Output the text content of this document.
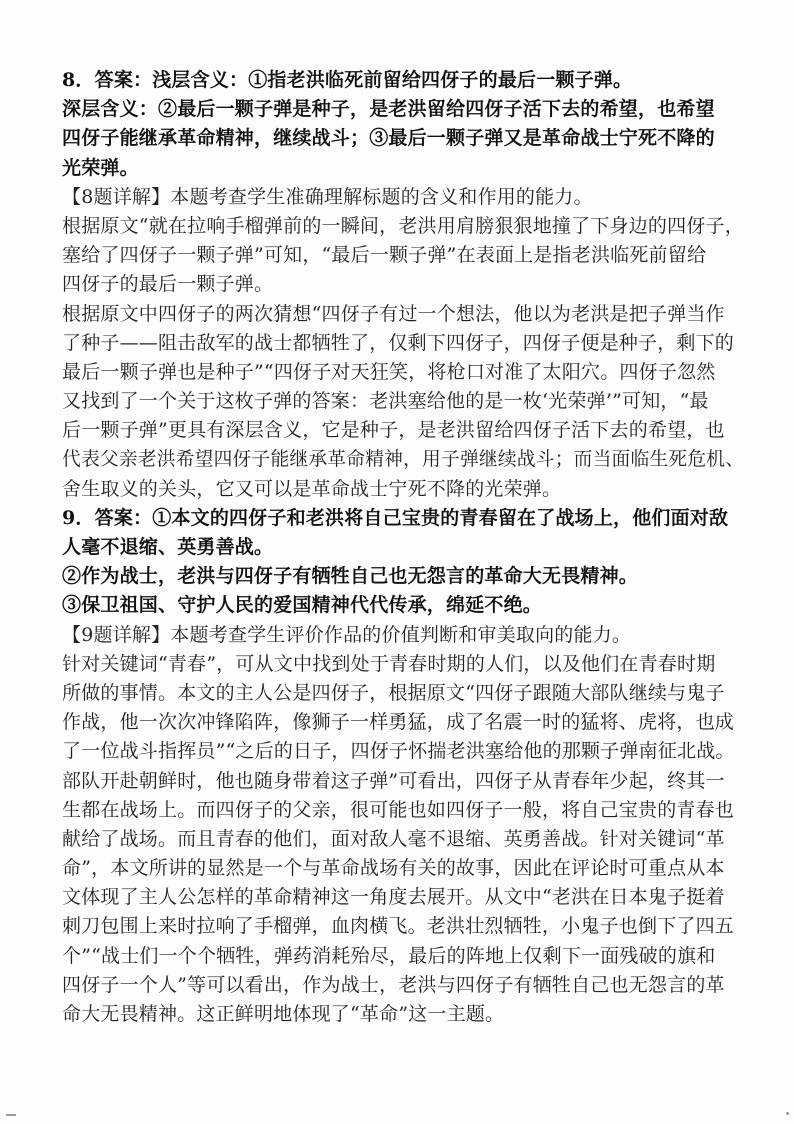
8．答案：浅层含义：①指老洪临死前留给四伢子的最后一颗子弹。
深层含义：②最后一颗子弹是种子，是老洪留给四伢子活下去的希望，也希望
四伢子能继承革命精神，继续战斗；③最后一颗子弹又是革命战士宁死不降的
光荣弹。
【8题详解】本题考查学生准确理解标题的含义和作用的能力。
根据原文“就在拉响手榴弹前的一瞬间，老洪用肩膀狠狠地撞了下身边的四伢子，
塞给了四伢子一颗子弹”可知，“最后一颗子弹”在表面上是指老洪临死前留给
四伢子的最后一颗子弹。
根据原文中四伢子的两次猜想“四伢子有过一个想法，他以为老洪是把子弹当作
了种子——阻击敌军的战士都牺牲了，仅剩下四伢子，四伢子便是种子，剩下的
最后一颗子弹也是种子”“四伢子对天狂笑，将枪口对准了太阳穴。四伢子忽然
又找到了一个关于这枚子弹的答案：老洪塞给他的是一枚‘光荣弹’”可知，“最
后一颗子弹”更具有深层含义，它是种子，是老洪留给四伢子活下去的希望，也
代表父亲老洪希望四伢子能继承革命精神，用子弹继续战斗；而当面临生死危机、
舍生取义的关头，它又可以是革命战士宁死不降的光荣弹。
9．答案：①本文的四伢子和老洪将自己宝贵的青春留在了战场上，他们面对敌
人毫不退缩、英勇善战。
②作为战士，老洪与四伢子有牺牲自己也无怨言的革命大无畏精神。
③保卫祖国、守护人民的爱国精神代代传承，绵延不绝。
【9题详解】本题考查学生评价作品的价值判断和审美取向的能力。
针对关键词“青春”，可从文中找到处于青春时期的人们，以及他们在青春时期
所做的事情。本文的主人公是四伢子，根据原文“四伢子跟随大部队继续与鬼子
作战，他一次次冲锋陷阵，像狮子一样勇猛，成了名震一时的猛将、虎将，也成
了一位战斗指挥员”“之后的日子，四伢子怀揣老洪塞给他的那颗子弹南征北战。
部队开赴朝鲜时，他也随身带着这子弹”可看出，四伢子从青春年少起，终其一
生都在战场上。而四伢子的父亲，很可能也如四伢子一般，将自己宝贵的青春也
献给了战场。而且青春的他们，面对敌人毫不退缩、英勇善战。针对关键词“革
命”，本文所讲的显然是一个与革命战场有关的故事，因此在评论时可重点从本
文体现了主人公怎样的革命精神这一角度去展开。从文中“老洪在日本鬼子挺着
刺刀包围上来时拉响了手榴弹，血肉横飞。老洪壮烈牺牲，小鬼子也倒下了四五
个”“战士们一个个牺牲，弹药消耗殆尽，最后的阵地上仅剩下一面残破的旗和
四伢子一个人”等可以看出，作为战士，老洪与四伢子有牺牲自己也无怨言的革
命大无畏精神。这正鲜明地体现了“革命”这一主题。
